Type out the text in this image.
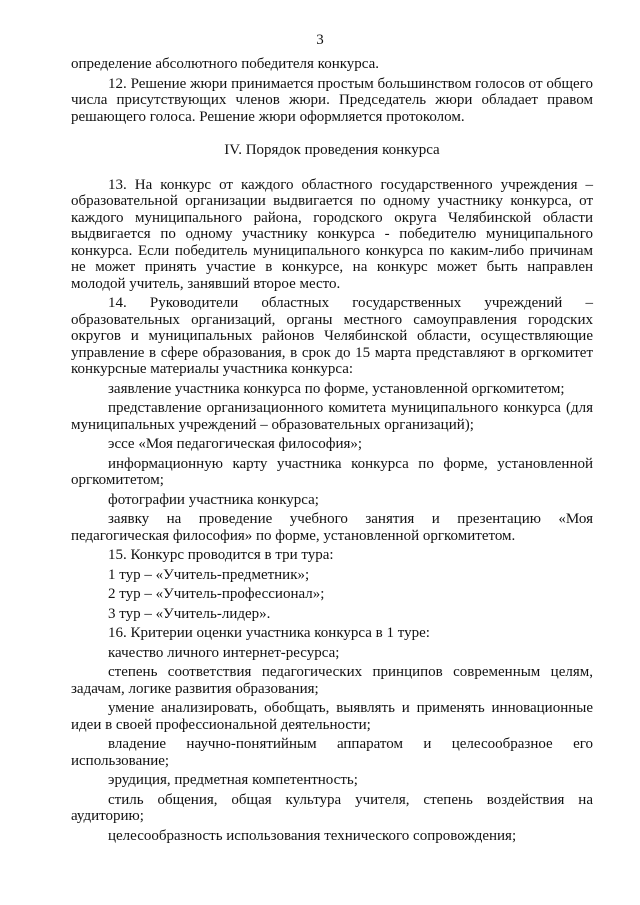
3

определение абсолютного победителя конкурса.

12. Решение жюри принимается простым большинством голосов от общего числа присутствующих членов жюри. Председатель жюри обладает правом решающего голоса. Решение жюри оформляется протоколом.

IV. Порядок проведения конкурса

13. На конкурс от каждого областного государственного учреждения – образовательной организации выдвигается по одному участнику конкурса, от каждого муниципального района, городского округа Челябинской области выдвигается по одному участнику конкурса - победителю муниципального конкурса. Если победитель муниципального конкурса по каким-либо причинам не может принять участие в конкурсе, на конкурс может быть направлен молодой учитель, занявший второе место.

14. Руководители областных государственных учреждений – образовательных организаций, органы местного самоуправления городских округов и муниципальных районов Челябинской области, осуществляющие управление в сфере образования, в срок до 15 марта представляют в оргкомитет конкурсные материалы участника конкурса:

заявление участника конкурса по форме, установленной оргкомитетом;

представление организационного комитета муниципального конкурса (для муниципальных учреждений – образовательных организаций);

эссе «Моя педагогическая философия»;

информационную карту участника конкурса по форме, установленной оргкомитетом;

фотографии участника конкурса;

заявку на проведение учебного занятия и презентацию «Моя педагогическая философия» по форме, установленной оргкомитетом.

15. Конкурс проводится в три тура:

1 тур – «Учитель-предметник»;

2 тур – «Учитель-профессионал»;

3 тур – «Учитель-лидер».

16. Критерии оценки участника конкурса в 1 туре:

качество личного интернет-ресурса;

степень соответствия педагогических принципов современным целям, задачам, логике развития образования;

умение анализировать, обобщать, выявлять и применять инновационные идеи в своей профессиональной деятельности;

владение научно-понятийным аппаратом и целесообразное его использование;

эрудиция, предметная компетентность;

стиль общения, общая культура учителя, степень воздействия на аудиторию;

целесообразность использования технического сопровождения;
